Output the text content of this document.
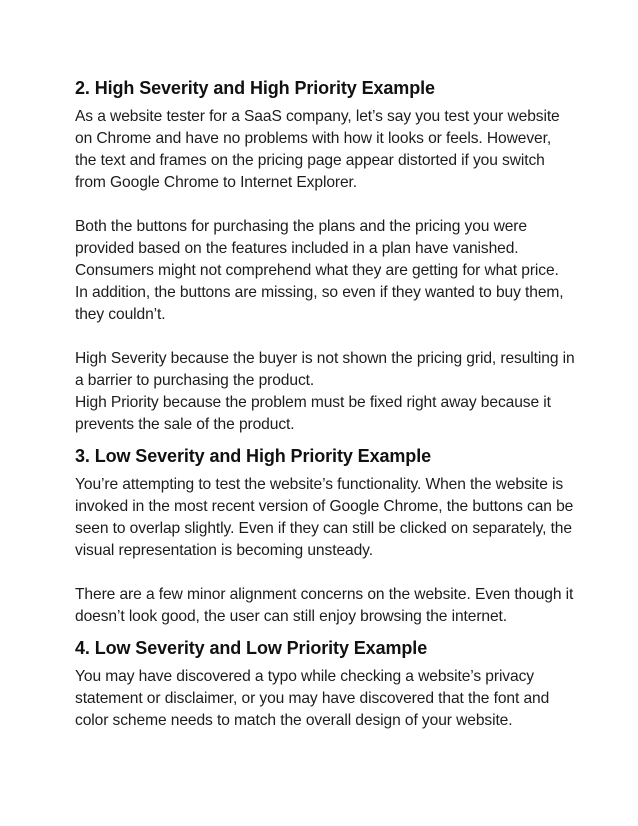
2. High Severity and High Priority Example

As a website tester for a SaaS company, let’s say you test your website on Chrome and have no problems with how it looks or feels. However, the text and frames on the pricing page appear distorted if you switch from Google Chrome to Internet Explorer.

Both the buttons for purchasing the plans and the pricing you were provided based on the features included in a plan have vanished. Consumers might not comprehend what they are getting for what price. In addition, the buttons are missing, so even if they wanted to buy them, they couldn’t.

High Severity because the buyer is not shown the pricing grid, resulting in a barrier to purchasing the product.

High Priority because the problem must be fixed right away because it prevents the sale of the product.

3. Low Severity and High Priority Example

You’re attempting to test the website’s functionality. When the website is invoked in the most recent version of Google Chrome, the buttons can be seen to overlap slightly. Even if they can still be clicked on separately, the visual representation is becoming unsteady.

There are a few minor alignment concerns on the website. Even though it doesn’t look good, the user can still enjoy browsing the internet.

4. Low Severity and Low Priority Example

You may have discovered a typo while checking a website’s privacy statement or disclaimer, or you may have discovered that the font and color scheme needs to match the overall design of your website.
